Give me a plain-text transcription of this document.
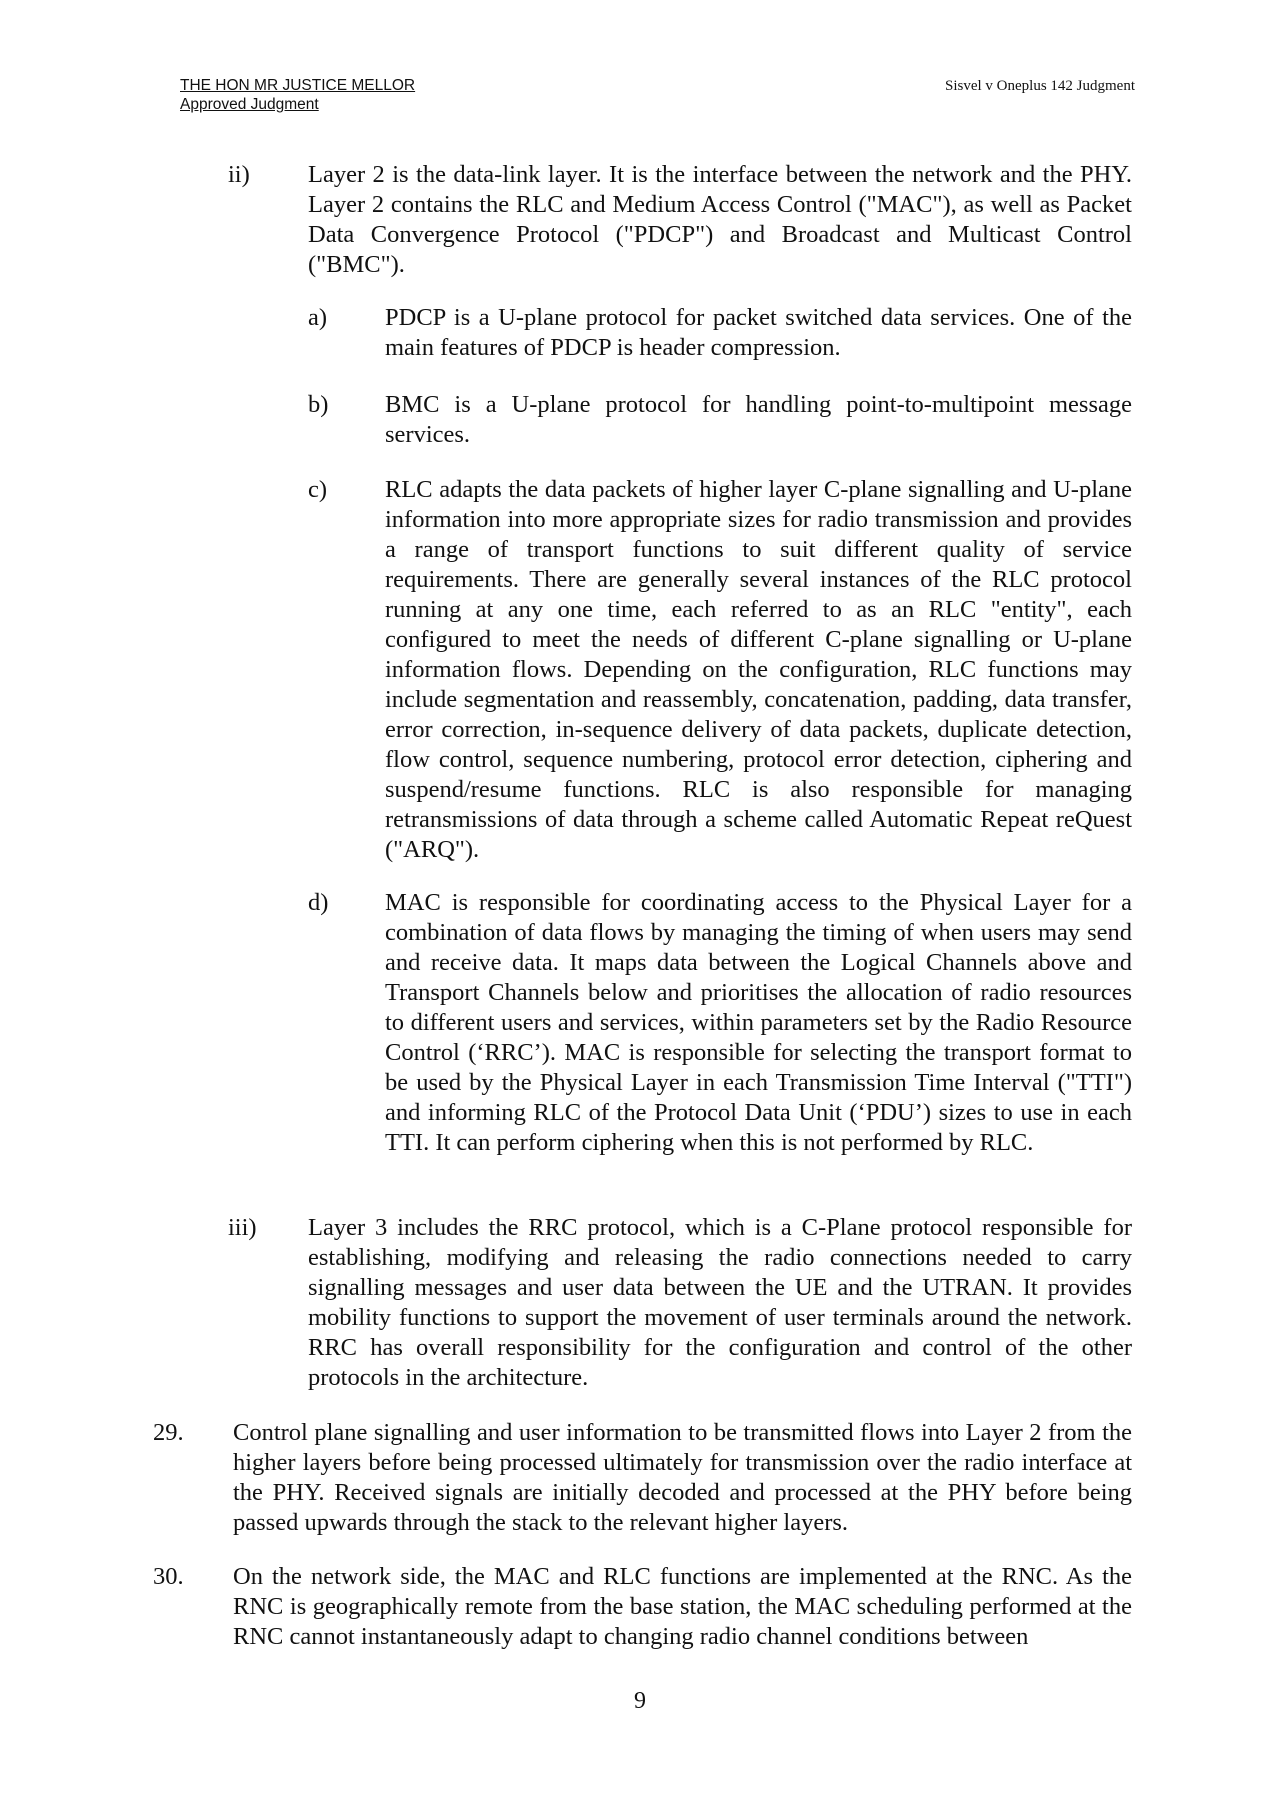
THE HON MR JUSTICE MELLOR
Approved Judgment
Sisvel v Oneplus 142 Judgment
ii) Layer 2 is the data-link layer. It is the interface between the network and the PHY. Layer 2 contains the RLC and Medium Access Control ("MAC"), as well as Packet Data Convergence Protocol ("PDCP") and Broadcast and Multicast Control ("BMC").
a) PDCP is a U-plane protocol for packet switched data services. One of the main features of PDCP is header compression.
b) BMC is a U-plane protocol for handling point-to-multipoint message services.
c) RLC adapts the data packets of higher layer C-plane signalling and U-plane information into more appropriate sizes for radio transmission and provides a range of transport functions to suit different quality of service requirements. There are generally several instances of the RLC protocol running at any one time, each referred to as an RLC "entity", each configured to meet the needs of different C-plane signalling or U-plane information flows. Depending on the configuration, RLC functions may include segmentation and reassembly, concatenation, padding, data transfer, error correction, in-sequence delivery of data packets, duplicate detection, flow control, sequence numbering, protocol error detection, ciphering and suspend/resume functions. RLC is also responsible for managing retransmissions of data through a scheme called Automatic Repeat reQuest ("ARQ").
d) MAC is responsible for coordinating access to the Physical Layer for a combination of data flows by managing the timing of when users may send and receive data. It maps data between the Logical Channels above and Transport Channels below and prioritises the allocation of radio resources to different users and services, within parameters set by the Radio Resource Control (‘RRC’). MAC is responsible for selecting the transport format to be used by the Physical Layer in each Transmission Time Interval ("TTI") and informing RLC of the Protocol Data Unit (‘PDU’) sizes to use in each TTI. It can perform ciphering when this is not performed by RLC.
iii) Layer 3 includes the RRC protocol, which is a C-Plane protocol responsible for establishing, modifying and releasing the radio connections needed to carry signalling messages and user data between the UE and the UTRAN. It provides mobility functions to support the movement of user terminals around the network. RRC has overall responsibility for the configuration and control of the other protocols in the architecture.
29. Control plane signalling and user information to be transmitted flows into Layer 2 from the higher layers before being processed ultimately for transmission over the radio interface at the PHY. Received signals are initially decoded and processed at the PHY before being passed upwards through the stack to the relevant higher layers.
30. On the network side, the MAC and RLC functions are implemented at the RNC. As the RNC is geographically remote from the base station, the MAC scheduling performed at the RNC cannot instantaneously adapt to changing radio channel conditions between
9
